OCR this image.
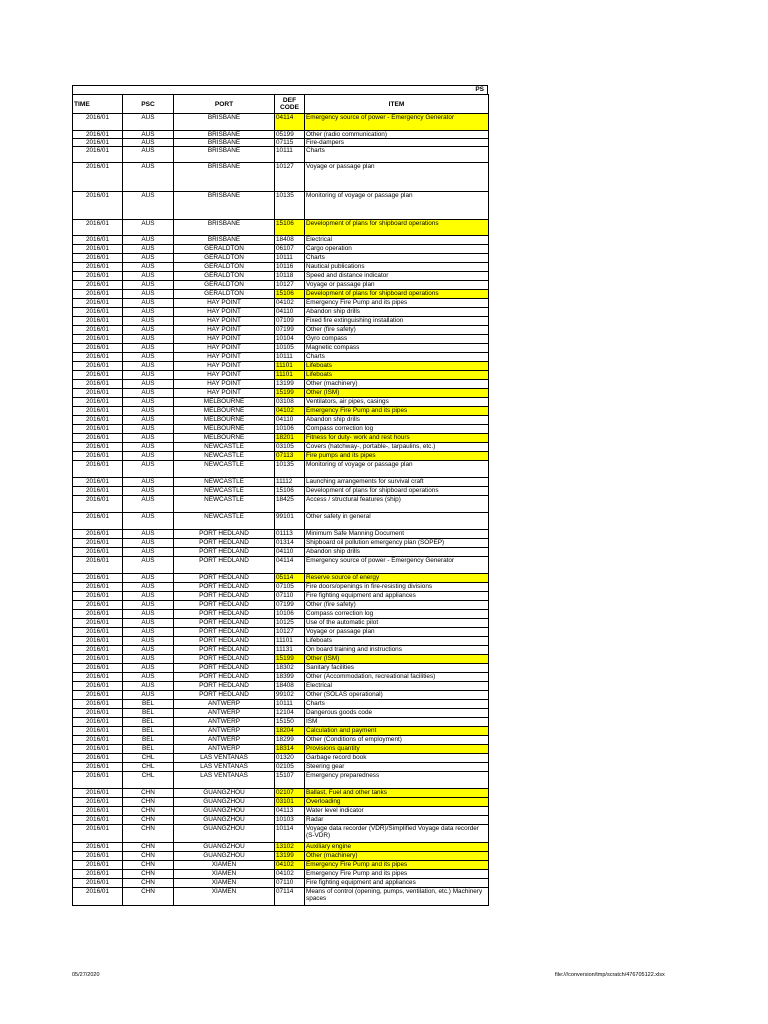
PS
TIME	PSC	PORT	DEF CODE	ITEM
2016/01	AUS	BRISBANE	04114	Emergency source of power - Emergency Generator
2016/01	AUS	BRISBANE	05199	Other (radio communication)
2016/01	AUS	BRISBANE	07115	Fire-dampers
2016/01	AUS	BRISBANE	10111	Charts
2016/01	AUS	BRISBANE	10127	Voyage or passage plan
2016/01	AUS	BRISBANE	10135	Monitoring of voyage or passage plan
2016/01	AUS	BRISBANE	15106	Development of plans for shipboard operations
2016/01	AUS	BRISBANE	18408	Electrical
2016/01	AUS	GERALDTON	06107	Cargo operation
2016/01	AUS	GERALDTON	10111	Charts
2016/01	AUS	GERALDTON	10116	Nautical publications
2016/01	AUS	GERALDTON	10118	Speed and distance indicator
2016/01	AUS	GERALDTON	10127	Voyage or passage plan
2016/01	AUS	GERALDTON	15106	Development of plans for shipboard operations
2016/01	AUS	HAY POINT	04102	Emergency Fire Pump and its pipes
2016/01	AUS	HAY POINT	04110	Abandon ship drills
2016/01	AUS	HAY POINT	07109	Fixed fire extinguishing installation
2016/01	AUS	HAY POINT	07199	Other (fire safety)
2016/01	AUS	HAY POINT	10104	Gyro compass
2016/01	AUS	HAY POINT	10105	Magnetic compass
2016/01	AUS	HAY POINT	10111	Charts
2016/01	AUS	HAY POINT	11101	Lifeboats
2016/01	AUS	HAY POINT	11101	Lifeboats
2016/01	AUS	HAY POINT	13199	Other (machinery)
2016/01	AUS	HAY POINT	15199	Other (ISM)
2016/01	AUS	MELBOURNE	03108	Ventilators, air pipes, casings
2016/01	AUS	MELBOURNE	04102	Emergency Fire Pump and its pipes
2016/01	AUS	MELBOURNE	04110	Abandon ship drills
2016/01	AUS	MELBOURNE	10106	Compass correction log
2016/01	AUS	MELBOURNE	18201	Fitness for duty- work and rest hours
2016/01	AUS	NEWCASTLE	03105	Covers (hatchway-, portable-, tarpaulins, etc.)
2016/01	AUS	NEWCASTLE	07113	Fire pumps and its pipes
2016/01	AUS	NEWCASTLE	10135	Monitoring of voyage or passage plan
2016/01	AUS	NEWCASTLE	11112	Launching arrangements for survival craft
2016/01	AUS	NEWCASTLE	15106	Development of plans for shipboard operations
2016/01	AUS	NEWCASTLE	18425	Access / structural features (ship)
2016/01	AUS	NEWCASTLE	99101	Other safety in general
2016/01	AUS	PORT HEDLAND	01113	Minimum Safe Manning Document
2016/01	AUS	PORT HEDLAND	01314	Shipboard oil pollution emergency plan (SOPEP)
2016/01	AUS	PORT HEDLAND	04110	Abandon ship drills
2016/01	AUS	PORT HEDLAND	04114	Emergency source of power - Emergency Generator
2016/01	AUS	PORT HEDLAND	05114	Reserve source of energy
2016/01	AUS	PORT HEDLAND	07105	Fire doors/openings in fire-resisting divisions
2016/01	AUS	PORT HEDLAND	07110	Fire fighting equipment and appliances
2016/01	AUS	PORT HEDLAND	07199	Other (fire safety)
2016/01	AUS	PORT HEDLAND	10106	Compass correction log
2016/01	AUS	PORT HEDLAND	10125	Use of the automatic pilot
2016/01	AUS	PORT HEDLAND	10127	Voyage or passage plan
2016/01	AUS	PORT HEDLAND	11101	Lifeboats
2016/01	AUS	PORT HEDLAND	11131	On board training and instructions
2016/01	AUS	PORT HEDLAND	15199	Other (ISM)
2016/01	AUS	PORT HEDLAND	18302	Sanitary facilities
2016/01	AUS	PORT HEDLAND	18399	Other (Accommodation, recreational facilities)
2016/01	AUS	PORT HEDLAND	18408	Electrical
2016/01	AUS	PORT HEDLAND	99102	Other (SOLAS operational)
2016/01	BEL	ANTWERP	10111	Charts
2016/01	BEL	ANTWERP	12104	Dangerous goods code
2016/01	BEL	ANTWERP	15150	ISM
2016/01	BEL	ANTWERP	18204	Calculation and payment
2016/01	BEL	ANTWERP	18299	Other (Conditions of employment)
2016/01	BEL	ANTWERP	18314	Provisions quantity
2016/01	CHL	LAS VENTANAS	01320	Garbage record book
2016/01	CHL	LAS VENTANAS	02105	Steering gear
2016/01	CHL	LAS VENTANAS	15107	Emergency preparedness
2016/01	CHN	GUANGZHOU	02107	Ballast, Fuel and other tanks
2016/01	CHN	GUANGZHOU	03101	Overloading
2016/01	CHN	GUANGZHOU	04113	Water level indicator
2016/01	CHN	GUANGZHOU	10103	Radar
2016/01	CHN	GUANGZHOU	10114	Voyage data recorder (VDR)/Simplified Voyage data recorder (S-VDR)
2016/01	CHN	GUANGZHOU	13102	Auxiliary engine
2016/01	CHN	GUANGZHOU	13199	Other (machinery)
2016/01	CHN	XIAMEN	04102	Emergency Fire Pump and its pipes
2016/01	CHN	XIAMEN	04102	Emergency Fire Pump and its pipes
2016/01	CHN	XIAMEN	07110	Fire fighting equipment and appliances
2016/01	CHN	XIAMEN	07114	Means of control (opening, pumps, ventilation, etc.) Machinery spaces
05/27/2020	file:///conversion/tmp/scratch/476705122.xlsx
